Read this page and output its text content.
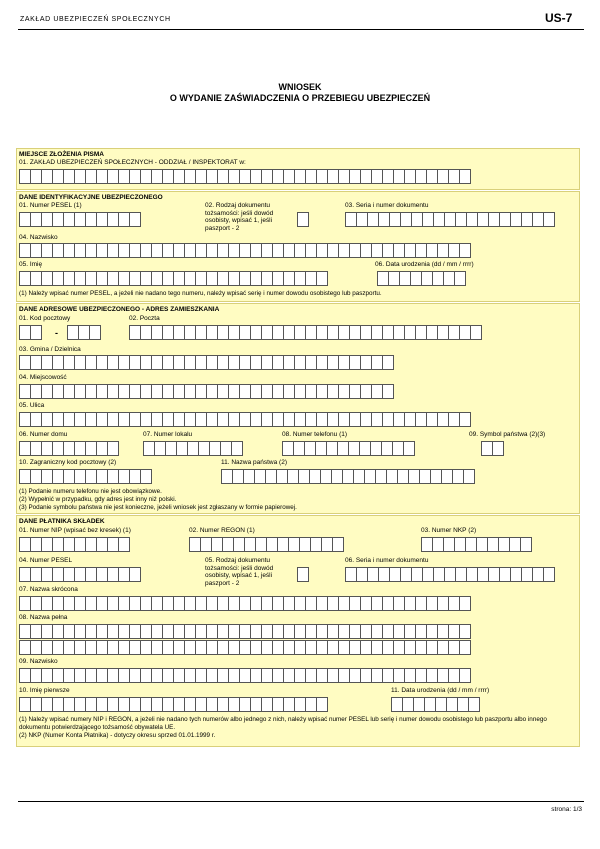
ZAKŁAD UBEZPIECZEŃ SPOŁECZNYCH	US-7
WNIOSEK
O WYDANIE ZAŚWIADCZENIA O PRZEBIEGU UBEZPIECZEŃ
MIEJSCE ZŁOŻENIA PISMA
01. ZAKŁAD UBEZPIECZEŃ SPOŁECZNYCH - ODDZIAŁ / INSPEKTORAT w:
DANE IDENTYFIKACYJNE UBEZPIECZONEGO
01. Numer PESEL (1)	02. Rodzaj dokumentu tożsamości: jeśli dowód osobisty, wpisać 1, jeśli paszport - 2
03. Seria i numer dokumentu
04. Nazwisko
05. Imię	06. Data urodzenia (dd / mm / rrrr)
(1) Należy wpisać numer PESEL, a jeżeli nie nadano tego numeru, należy wpisać serię i numer dowodu osobistego lub paszportu.
DANE ADRESOWE UBEZPIECZONEGO - ADRES ZAMIESZKANIA
01. Kod pocztowy
-
02. Poczta
03. Gmina / Dzielnica
04. Miejscowość
05. Ulica
06. Numer domu	07. Numer lokalu	08. Numer telefonu (1)	09. Symbol państwa (2)(3)
10. Zagraniczny kod pocztowy (2)	11. Nazwa państwa (2)
(1) Podanie numeru telefonu nie jest obowiązkowe.
(2) Wypełnić w przypadku, gdy adres jest inny niż polski.
(3) Podanie symbolu państwa nie jest konieczne, jeżeli wniosek jest zgłaszany w formie papierowej.
DANE PŁATNIKA SKŁADEK
01. Numer NIP (wpisać bez kresek) (1)	02. Numer REGON (1)	03. Numer NKP (2)
04. Numer PESEL	05. Rodzaj dokumentu tożsamości: jeśli dowód osobisty, wpisać 1, jeśli paszport - 2
06. Seria i numer dokumentu
07. Nazwa skrócona
08. Nazwa pełna
09. Nazwisko
10. Imię pierwsze	11. Data urodzenia (dd / mm / rrrr)
(1) Należy wpisać numery NIP i REGON, a jeżeli nie nadano tych numerów albo jednego z nich, należy wpisać numer PESEL lub serię i numer dowodu osobistego lub paszportu albo innego dokumentu potwierdzającego tożsamość obywatela UE.
(2) NKP (Numer Konta Płatnika) - dotyczy okresu sprzed 01.01.1999 r.
strona: 1/3
